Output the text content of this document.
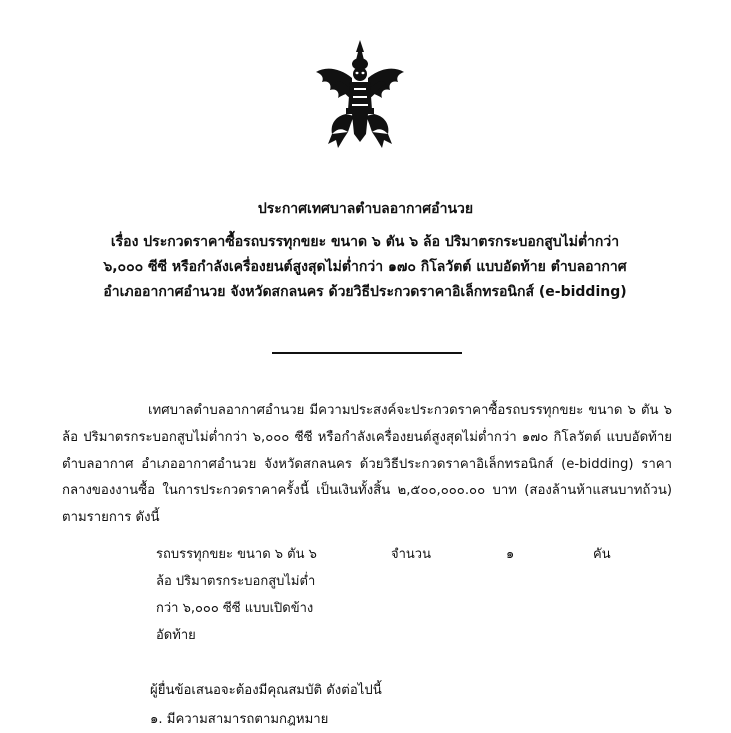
ประกาศเทศบาลตำบลอากาศอำนวย
เรื่อง ประกวดราคาซื้อรถบรรทุกขยะ ขนาด ๖ ตัน ๖ ล้อ ปริมาตรกระบอกสูบไม่ต่ำกว่า ๖,๐๐๐ ซีซี หรือกำลังเครื่องยนต์สูงสุดไม่ต่ำกว่า ๑๗๐ กิโลวัตต์ แบบอัดท้าย ตำบลอากาศ อำเภออากาศอำนวย จังหวัดสกลนคร ด้วยวิธีประกวดราคาอิเล็กทรอนิกส์ (e-bidding)
เทศบาลตำบลอากาศอำนวย มีความประสงค์จะประกวดราคาซื้อรถบรรทุกขยะ ขนาด ๖ ตัน ๖ ล้อ ปริมาตรกระบอกสูบไม่ต่ำกว่า ๖,๐๐๐ ซีซี หรือกำลังเครื่องยนต์สูงสุดไม่ต่ำกว่า ๑๗๐ กิโลวัตต์ แบบอัดท้าย ตำบลอากาศ อำเภออากาศอำนวย จังหวัดสกลนคร ด้วยวิธีประกวดราคาอิเล็กทรอนิกส์ (e-bidding) ราคากลางของงานซื้อ ในการประกวดราคาครั้งนี้ เป็นเงินทั้งสิ้น ๒,๕๐๐,๐๐๐.๐๐ บาท (สองล้านห้าแสนบาทถ้วน) ตามรายการ ดังนี้
รถบรรทุกขยะ ขนาด ๖ ตัน ๖
ล้อ ปริมาตรกระบอกสูบไม่ต่ำ
กว่า ๖,๐๐๐ ซีซี แบบเปิดข้าง
อัดท้าย
จำนวน	๑	คัน
ผู้ยื่นข้อเสนอจะต้องมีคุณสมบัติ ดังต่อไปนี้
๑. มีความสามารถตามกฎหมาย
